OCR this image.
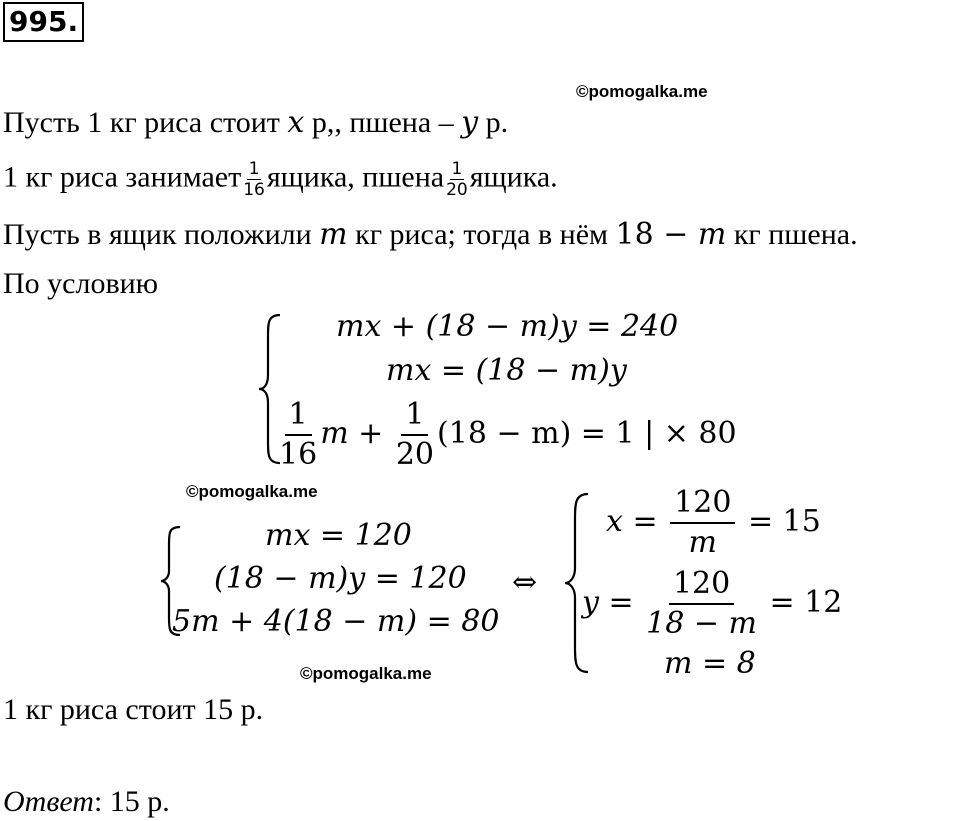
995.
©pomogalka.me
Пусть 1 кг риса стоит x р,, пшена – y р.
1 кг риса занимает $\frac{1}{16}$ ящика, пшена $\frac{1}{20}$ ящика.
Пусть в ящик положили m кг риса; тогда в нём 18 − m кг пшена.
По условию
mx + (18 − m)y = 240
mx = (18 − m)y
$\frac{1}{16}$ $m + \frac{1}{20} (18 - m) = 1$ | × 80
©pomogalka.me
mx = 120
(18 − m)y = 120
5m + 4(18 − m) = 80
⇔
$x = \frac{120}{m} = 15$
$y = \frac{120}{18 - m} = 12$
m = 8
©pomogalka.me
1 кг риса стоит 15 р.
Ответ: 15 р.
